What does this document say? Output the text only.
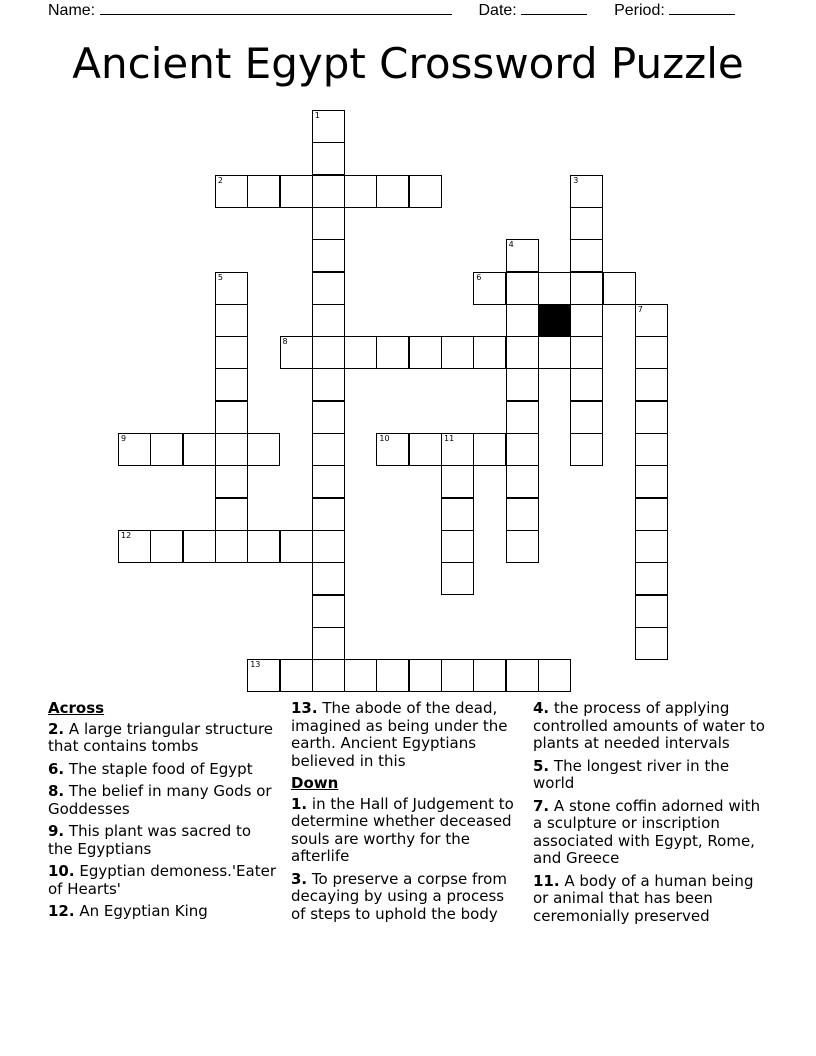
Name:	Date:	Period:
Ancient Egypt Crossword Puzzle
1
2	3
4
5	6
7
8
9	10	11
12
13
Across
2. A large triangular structure that contains tombs
6. The staple food of Egypt
8. The belief in many Gods or Goddesses
9. This plant was sacred to the Egyptians
10. Egyptian demoness.'Eater of Hearts'
12. An Egyptian King
13. The abode of the dead, imagined as being under the earth. Ancient Egyptians believed in this
Down
1. in the Hall of Judgement to determine whether deceased souls are worthy for the afterlife
3. To preserve a corpse from decaying by using a process of steps to uphold the body
4. the process of applying controlled amounts of water to plants at needed intervals
5. The longest river in the world
7. A stone coffin adorned with a sculpture or inscription associated with Egypt, Rome, and Greece
11. A body of a human being or animal that has been ceremonially preserved
